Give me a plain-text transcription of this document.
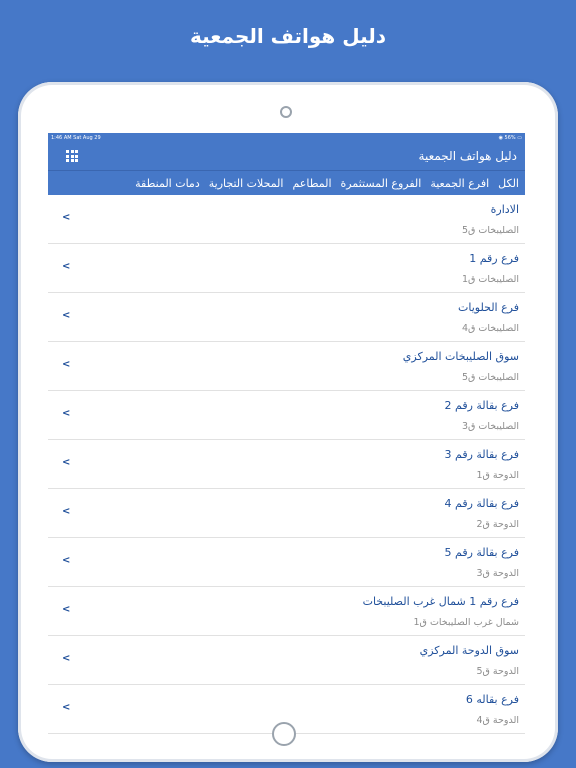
دليل هواتف الجمعية
1:46 AM Sat Aug 29	◉ 56% ▭
دليل هواتف الجمعية
الكل
افرع الجمعية
الفروع المستثمرة
المطاعم
المحلات التجارية
دمات المنطقة
الادارة
الصليبخات ق5
<
فرع رقم 1
الصليبخات ق1
<
فرع الحلويات
الصليبخات ق4
<
سوق الصليبخات المركزي
الصليبخات ق5
<
فرع بقالة رقم 2
الصليبخات ق3
<
فرع بقالة رقم 3
الدوحة ق1
<
فرع بقالة رقم 4
الدوحة ق2
<
فرع بقالة رقم 5
الدوحة ق3
<
فرع رقم 1 شمال غرب الصليبخات
شمال غرب الصليبخات ق1
<
سوق الدوحة المركزي
الدوحة ق5
<
فرع بقاله 6
الدوحة ق4
<
